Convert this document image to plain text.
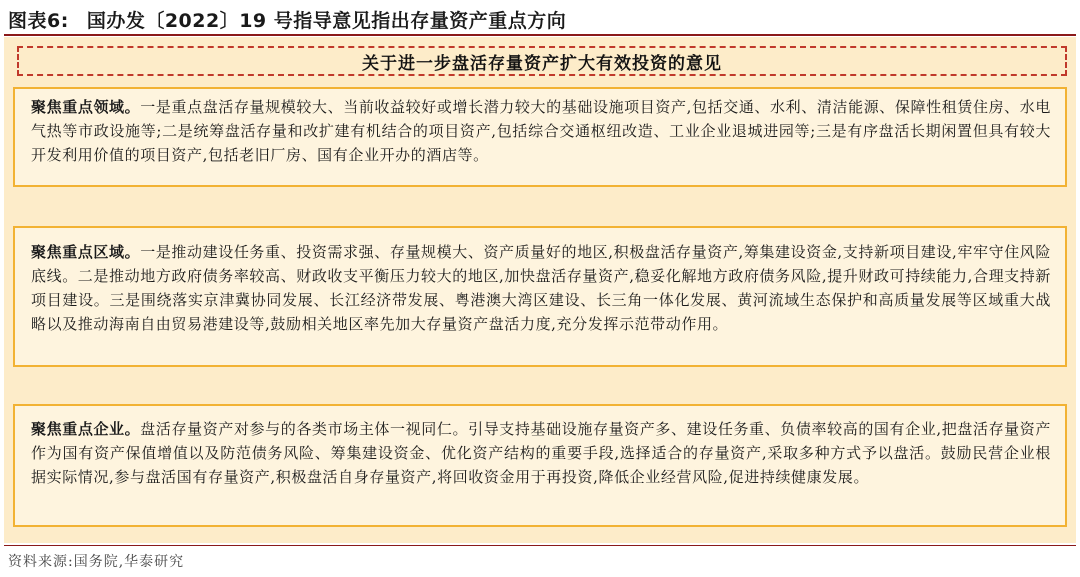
图表6: 国办发〔2022〕19 号指导意见指出存量资产重点方向
关于进一步盘活存量资产扩大有效投资的意见
聚焦重点领域。一是重点盘活存量规模较大、当前收益较好或增长潜力较大的基础设施项目资产,包括交通、水利、清洁能源、保障性租赁住房、水电气热等市政设施等;二是统筹盘活存量和改扩建有机结合的项目资产,包括综合交通枢纽改造、工业企业退城进园等;三是有序盘活长期闲置但具有较大开发利用价值的项目资产,包括老旧厂房、国有企业开办的酒店等。
聚焦重点区域。一是推动建设任务重、投资需求强、存量规模大、资产质量好的地区,积极盘活存量资产,筹集建设资金,支持新项目建设,牢牢守住风险底线。二是推动地方政府债务率较高、财政收支平衡压力较大的地区,加快盘活存量资产,稳妥化解地方政府债务风险,提升财政可持续能力,合理支持新项目建设。三是围绕落实京津冀协同发展、长江经济带发展、粤港澳大湾区建设、长三角一体化发展、黄河流域生态保护和高质量发展等区域重大战略以及推动海南自由贸易港建设等,鼓励相关地区率先加大存量资产盘活力度,充分发挥示范带动作用。
聚焦重点企业。盘活存量资产对参与的各类市场主体一视同仁。引导支持基础设施存量资产多、建设任务重、负债率较高的国有企业,把盘活存量资产作为国有资产保值增值以及防范债务风险、筹集建设资金、优化资产结构的重要手段,选择适合的存量资产,采取多种方式予以盘活。鼓励民营企业根据实际情况,参与盘活国有存量资产,积极盘活自身存量资产,将回收资金用于再投资,降低企业经营风险,促进持续健康发展。
资料来源:国务院,华泰研究
